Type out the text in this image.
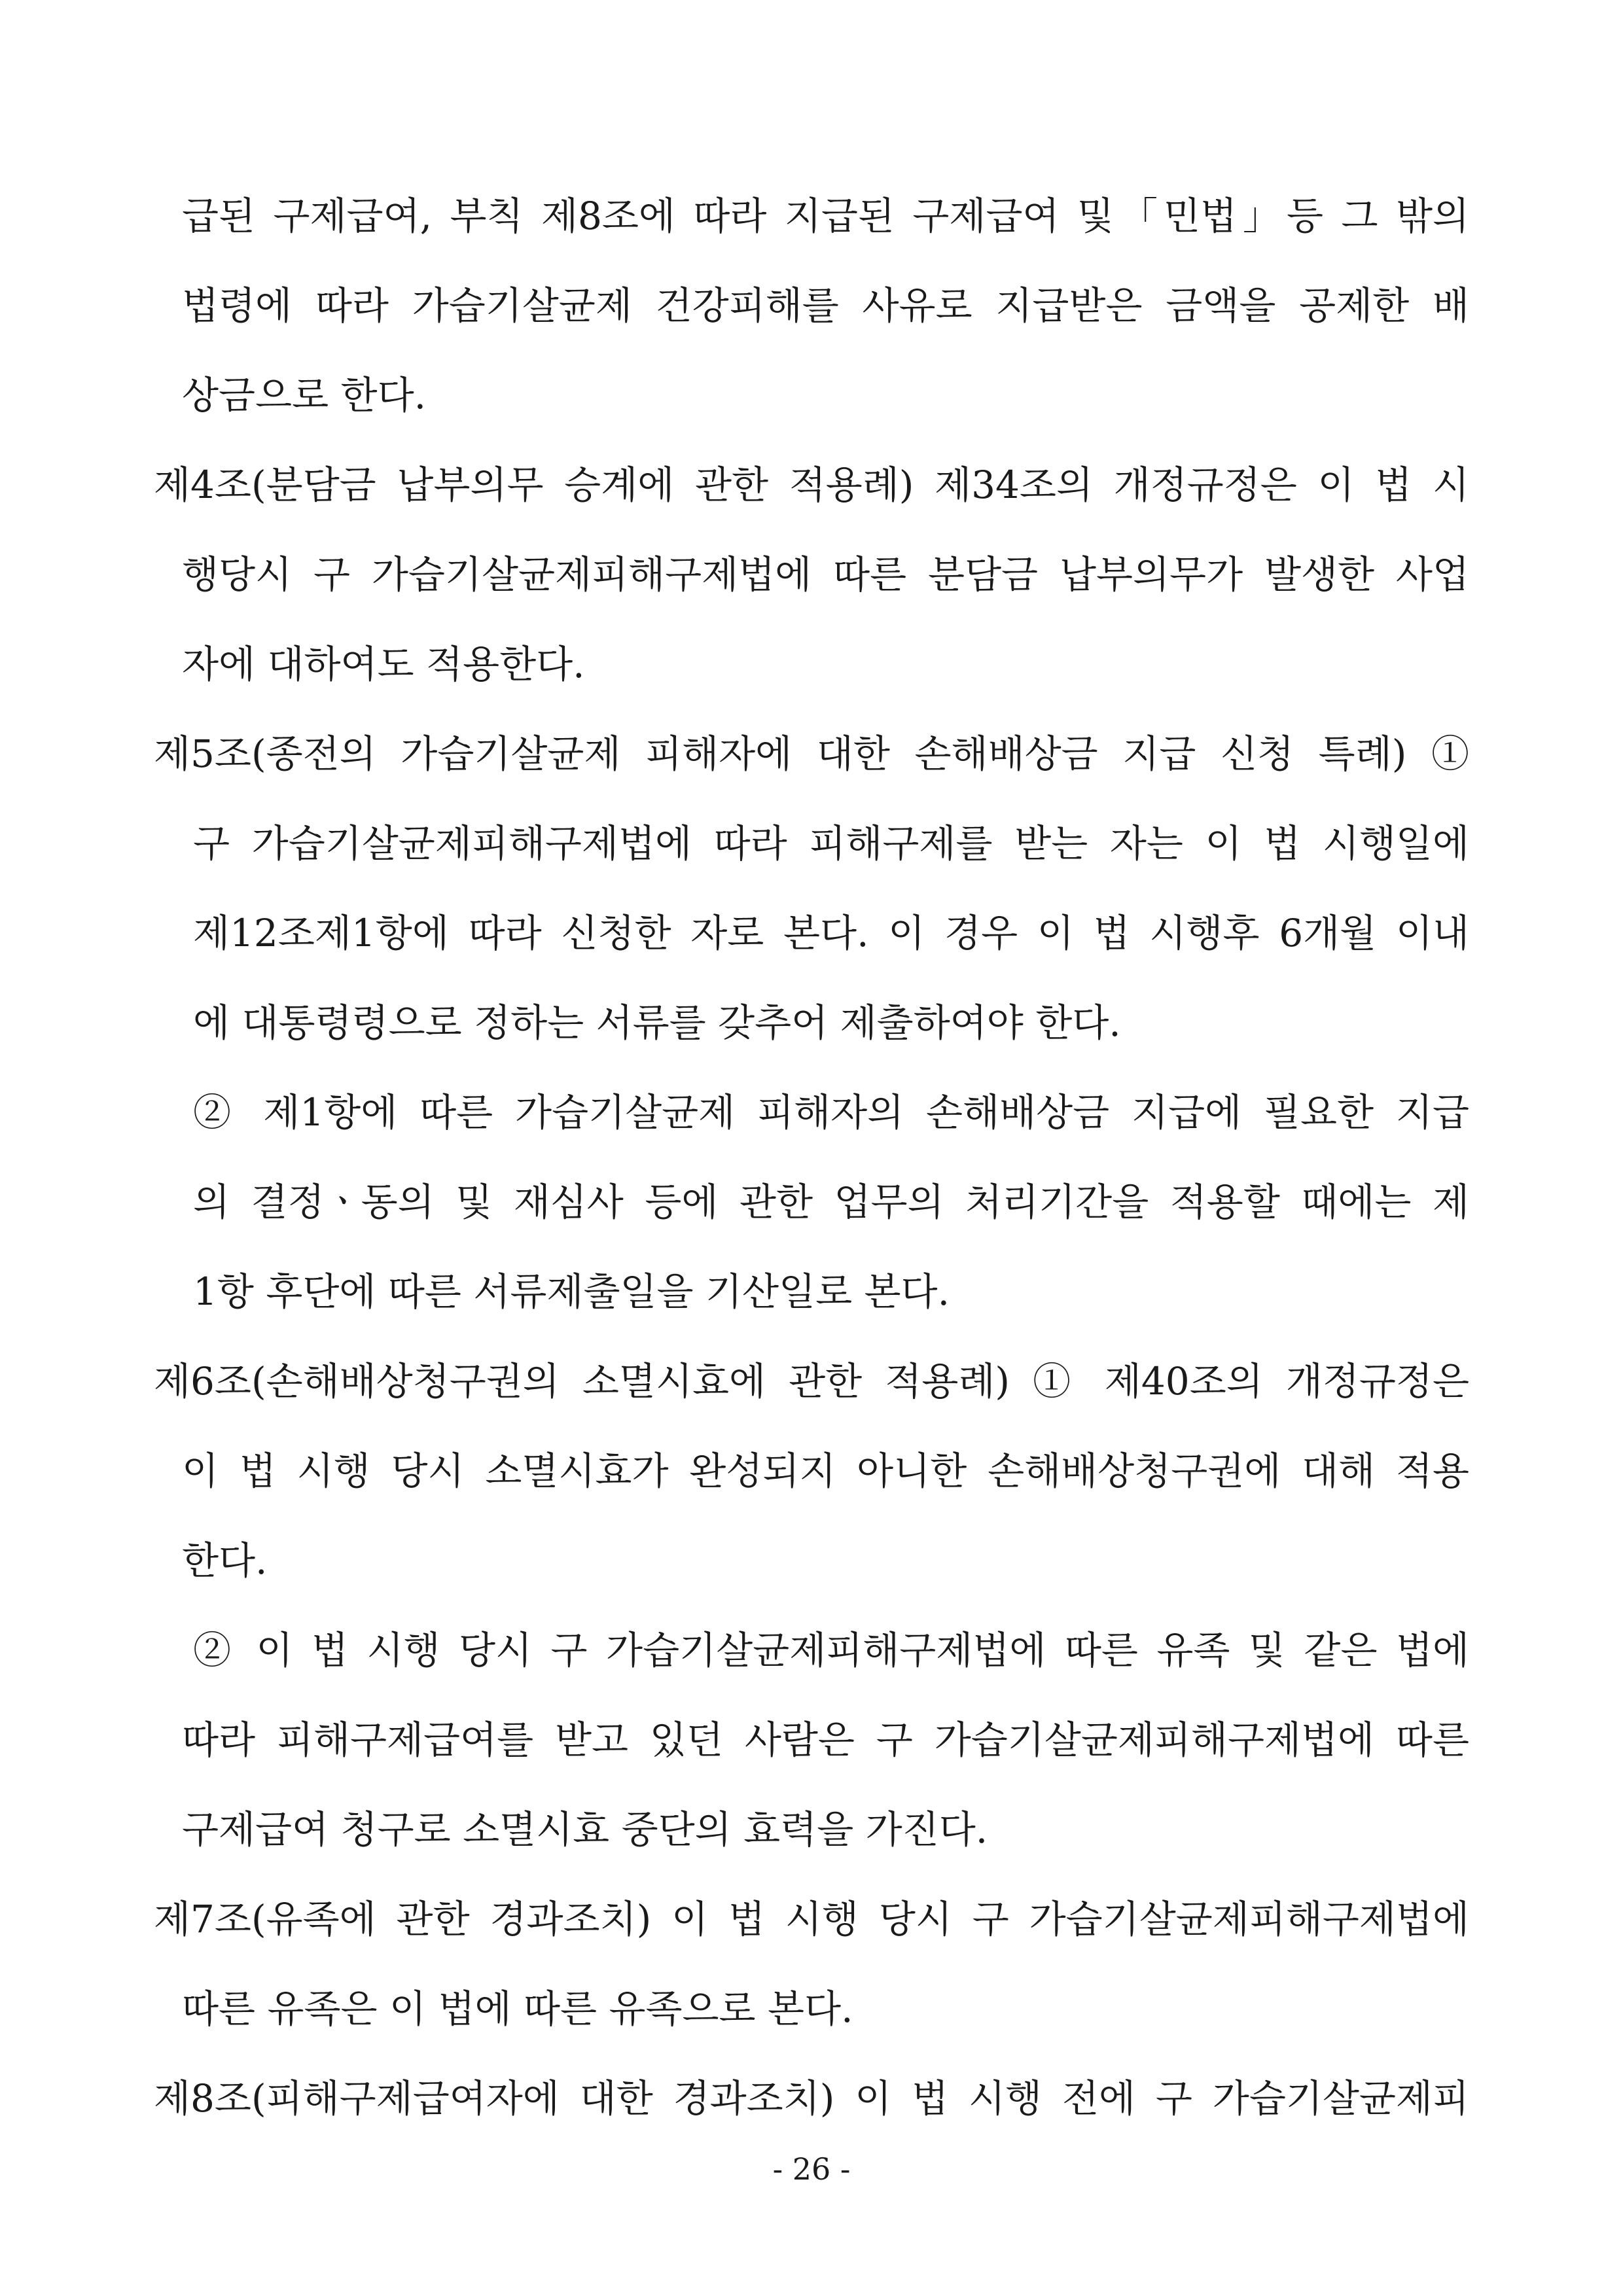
급된 구제급여, 부칙 제8조에 따라 지급된 구제급여 및「민법」등 그 밖의
법령에 따라 가습기살균제 건강피해를 사유로 지급받은 금액을 공제한 배
상금으로 한다.
제4조(분담금 납부의무 승계에 관한 적용례) 제34조의 개정규정은 이 법 시
행당시 구 가습기살균제피해구제법에 따른 분담금 납부의무가 발생한 사업
자에 대하여도 적용한다.
제5조(종전의 가습기살균제 피해자에 대한 손해배상금 지급 신청 특례) ①
구 가습기살균제피해구제법에 따라 피해구제를 받는 자는 이 법 시행일에
제12조제1항에 따라 신청한 자로 본다. 이 경우 이 법 시행후 6개월 이내
에 대통령령으로 정하는 서류를 갖추어 제출하여야 한다.
② 제1항에 따른 가습기살균제 피해자의 손해배상금 지급에 필요한 지급
의 결정ㆍ동의 및 재심사 등에 관한 업무의 처리기간을 적용할 때에는 제
1항 후단에 따른 서류제출일을 기산일로 본다.
제6조(손해배상청구권의 소멸시효에 관한 적용례) ① 제40조의 개정규정은
이 법 시행 당시 소멸시효가 완성되지 아니한 손해배상청구권에 대해 적용
한다.
② 이 법 시행 당시 구 가습기살균제피해구제법에 따른 유족 및 같은 법에
따라 피해구제급여를 받고 있던 사람은 구 가습기살균제피해구제법에 따른
구제급여 청구로 소멸시효 중단의 효력을 가진다.
제7조(유족에 관한 경과조치) 이 법 시행 당시 구 가습기살균제피해구제법에
따른 유족은 이 법에 따른 유족으로 본다.
제8조(피해구제급여자에 대한 경과조치) 이 법 시행 전에 구 가습기살균제피
- 26 -
